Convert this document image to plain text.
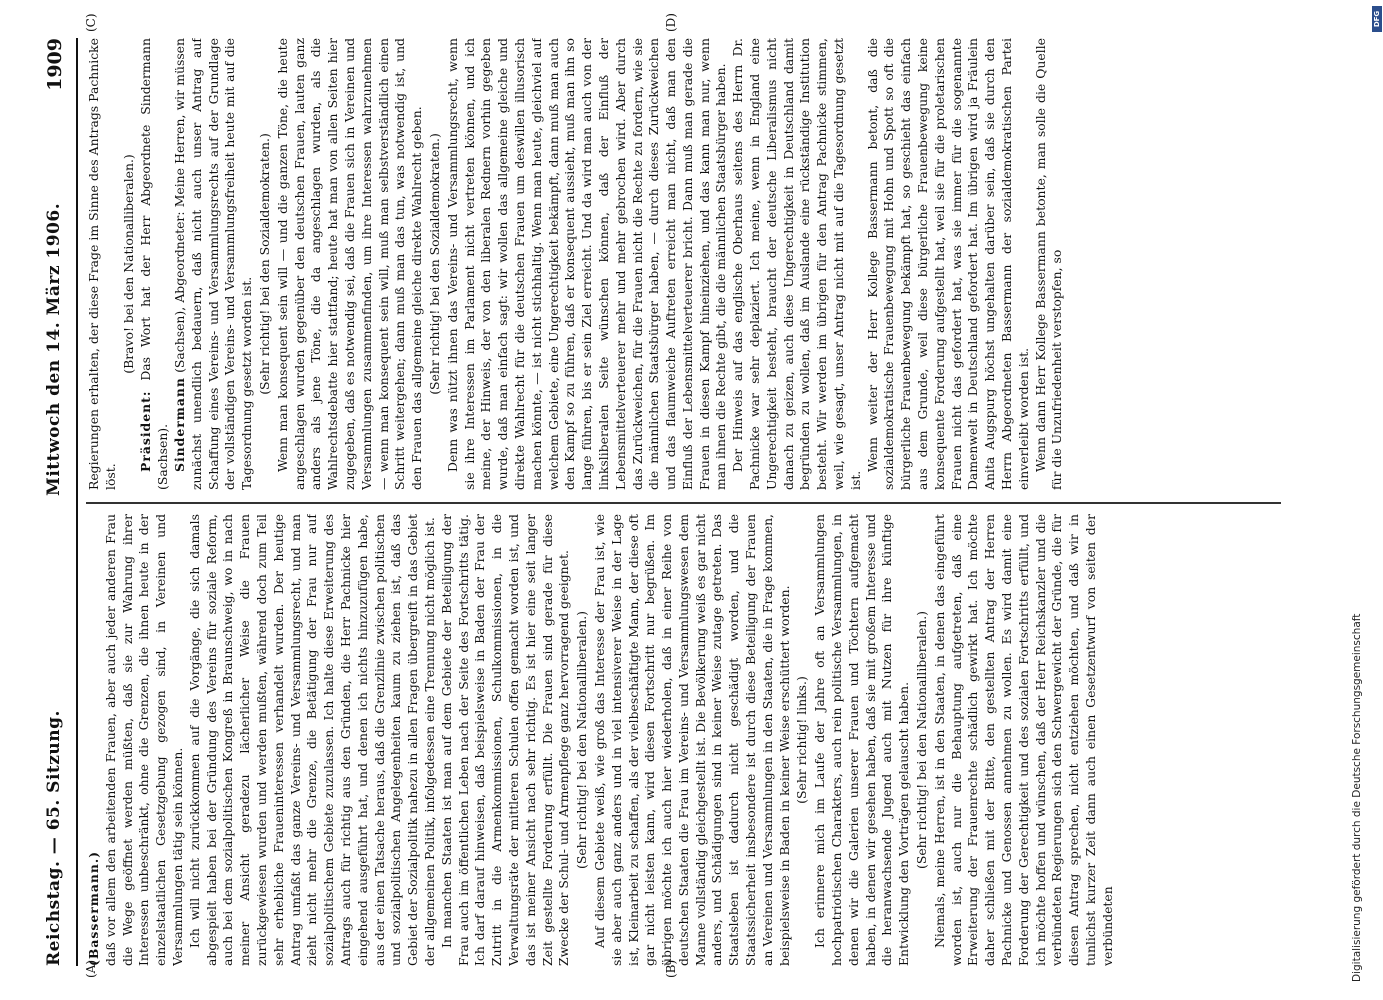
Reichstag. — 65. Sitzung.
Mittwoch den 14. März 1906.
1909
(A)	(B)
(C)	(D)

(Bassermann.) daß vor allem den arbeitenden Frauen, aber auch jeder anderen Frau die Wege geöffnet werden müßten, daß sie zur Wahrung ihrer Interessen unbeschränkt, ohne die Grenzen, die ihnen heute in der einzelstaatlichen Gesetzgebung gezogen sind, in Vereinen und Versammlungen tätig sein können. Ich will nicht zurückkommen auf die Vorgänge, die sich damals abgespielt haben bei der Gründung des Vereins für soziale Reform, auch bei dem sozialpolitischen Kongreß in Braunschweig, wo in nach meiner Ansicht geradezu lächerlicher Weise die Frauen zurückgewiesen wurden und werden mußten, während doch zum Teil sehr erhebliche Fraueninteressen verhandelt wurden. Der heutige Antrag umfaßt das ganze Vereins- und Versammlungsrecht, und man zieht nicht mehr die Grenze, die Betätigung der Frau nur auf sozialpolitischem Gebiete zuzulassen. Ich halte diese Erweiterung des Antrags auch für richtig aus den Gründen, die Herr Pachnicke hier eingehend ausgeführt hat, und denen ich nichts hinzuzufügen habe, aus der einen Tatsache heraus, daß die Grenzlinie zwischen politischen und sozialpolitischen Angelegenheiten kaum zu ziehen ist, daß das Gebiet der Sozialpolitik nahezu in allen Fragen übergreift in das Gebiet der allgemeinen Politik, infolgedessen eine Trennung nicht möglich ist. In manchen Staaten ist man auf dem Gebiete der Beteiligung der Frau auch im öffentlichen Leben nach der Seite des Fortschritts tätig. Ich darf darauf hinweisen, daß beispielsweise in Baden der Frau der Zutritt in die Armenkommissionen, Schulkommissionen, in die Verwaltungsräte der mittleren Schulen offen gemacht worden ist, und das ist meiner Ansicht nach sehr richtig. Es ist hier eine seit langer Zeit gestellte Forderung erfüllt. Die Frauen sind gerade für diese Zwecke der Schul- und Armenpflege ganz hervorragend geeignet. (Sehr richtig! bei den Nationalliberalen.) Auf diesem Gebiete weiß, wie groß das Interesse der Frau ist, wie sie aber auch ganz anders und in viel intensiverer Weise in der Lage ist, Kleinarbeit zu schaffen, als der vielbeschäftigte Mann, der diese oft gar nicht leisten kann, wird diesen Fortschritt nur begrüßen. Im übrigen möchte ich auch hier wiederholen, daß in einer Reihe von deutschen Staaten die Frau im Vereins- und Versammlungswesen dem Manne vollständig gleichgestellt ist. Die Bevölkerung weiß es gar nicht anders, und Schädigungen sind in keiner Weise zutage getreten. Das Staatsleben ist dadurch nicht geschädigt worden, und die Staatssicherheit insbesondere ist durch diese Beteiligung der Frauen an Vereinen und Versammlungen in den Staaten, die in Frage kommen, beispielsweise in Baden in keiner Weise erschüttert worden. (Sehr richtig! links.) Ich erinnere mich im Laufe der Jahre oft an Versammlungen hochpatriotischen Charakters, auch rein politische Versammlungen, in denen wir die Galerien unserer Frauen und Töchtern aufgemacht haben, in denen wir gesehen haben, daß sie mit großem Interesse und die heranwachsende Jugend auch mit Nutzen für ihre künftige Entwicklung den Vorträgen gelauscht haben. (Sehr richtig! bei den Nationalliberalen.) Niemals, meine Herren, ist in den Staaten, in denen das eingeführt worden ist, auch nur die Behauptung aufgetreten, daß eine Erweiterung der Frauenrechte schädlich gewirkt hat. Ich möchte daher schließen mit der Bitte, den gestellten Antrag der Herren Pachnicke und Genossen annehmen zu wollen. Es wird damit eine Forderung der Gerechtigkeit und des sozialen Fortschritts erfüllt, und ich möchte hoffen und wünschen, daß der Herr Reichskanzler und die verbündeten Regierungen sich den Schwergewicht der Gründe, die für diesen Antrag sprechen, nicht entziehen möchten, und daß wir in tunlichst kurzer Zeit dann auch einen Gesetzentwurf von seiten der verbündeten

Regierungen erhalten, der diese Frage im Sinne des Antrags Pachnicke löst.

(Bravo! bei den Nationalliberalen.)

Präsident: Das Wort hat der Herr Abgeordnete Sindermann (Sachsen). Sindermann (Sachsen), Abgeordneter: Meine Herren, wir müssen zunächst unendlich bedauern, daß nicht auch unser Antrag auf Schaffung eines Vereins- und Versammlungsrechts auf der Grundlage der vollständigen Vereins- und Versammlungsfreiheit heute mit auf die Tagesordnung gesetzt worden ist. (Sehr richtig! bei den Sozialdemokraten.) Wenn man konsequent sein will — und die ganzen Töne, die heute angeschlagen wurden gegenüber den deutschen Frauen, lauten ganz anders als jene Töne, die da angeschlagen wurden, als die Wahlrechtsdebatte hier stattfand; heute hat man von allen Seiten hier zugegeben, daß es notwendig sei, daß die Frauen sich in Vereinen und Versammlungen zusammenfinden, um ihre Interessen wahrzunehmen — wenn man konsequent sein will, muß man selbstverständlich einen Schritt weitergehen; dann muß man das tun, was notwendig ist, und den Frauen das allgemeine gleiche direkte Wahlrecht geben. (Sehr richtig! bei den Sozialdemokraten.) Denn was nützt ihnen das Vereins- und Versammlungsrecht, wenn sie ihre Interessen im Parlament nicht vertreten können, und ich meine, der Hinweis, der von den liberalen Rednern vorhin gegeben wurde, daß man einfach sagt: wir wollen das allgemeine gleiche und direkte Wahlrecht für die deutschen Frauen um deswillen illusorisch machen könnte, — ist nicht stichhaltig. Wenn man heute, gleichviel auf welchem Gebiete, eine Ungerechtigkeit bekämpft, dann muß man auch den Kampf so zu führen, daß er konsequent aussieht, muß man ihn so lange führen, bis er sein Ziel erreicht. Und da wird man auch von der linksliberalen Seite wünschen können, daß der Einfluß der Lebensmittelverteuerer mehr und mehr gebrochen wird. Aber durch das Zurückweichen, für die Frauen nicht die Rechte zu fordern, wie sie die männlichen Staatsbürger haben, — durch dieses Zurückweichen und das flaumweiche Auftreten erreicht man nicht, daß man den Einfluß der Lebensmittelverteuerer bricht. Dann muß man gerade die Frauen in diesen Kampf hineinziehen, und das kann man nur, wenn man ihnen die Rechte gibt, die die männlichen Staatsbürger haben. Der Hinweis auf das englische Oberhaus seitens des Herrn Dr. Pachnicke war sehr deplaziert. Ich meine, wenn in England eine Ungerechtigkeit besteht, braucht der deutsche Liberalismus nicht danach zu geizen, auch diese Ungerechtigkeit in Deutschland damit begründen zu wollen, daß im Auslande eine rückständige Institution besteht. Wir werden im übrigen für den Antrag Pachnicke stimmen, weil, wie gesagt, unser Antrag nicht mit auf die Tagesordnung gesetzt ist.

Wenn weiter der Herr Kollege Bassermann betont, daß die sozialdemokratische Frauenbewegung mit Hohn und Spott so oft die bürgerliche Frauenbewegung bekämpft hat, so geschieht das einfach aus dem Grunde, weil diese bürgerliche Frauenbewegung keine konsequente Forderung aufgestellt hat, weil sie für die proletarischen Frauen nicht das gefordert hat, was sie immer für die sogenannte Damenwelt in Deutschland gefordert hat. Im übrigen wird ja Fräulein Anita Augspurg höchst ungehalten darüber sein, daß sie durch den Herrn Abgeordneten Bassermann der sozialdemokratischen Partei einverleibt worden ist. Wenn dann Herr Kollege Bassermann betonte, man solle die Quelle für die Unzufriedenheit verstopfen, so

Digitalisierung gefördert durch die Deutsche Forschungsgemeinschaft
DFG
